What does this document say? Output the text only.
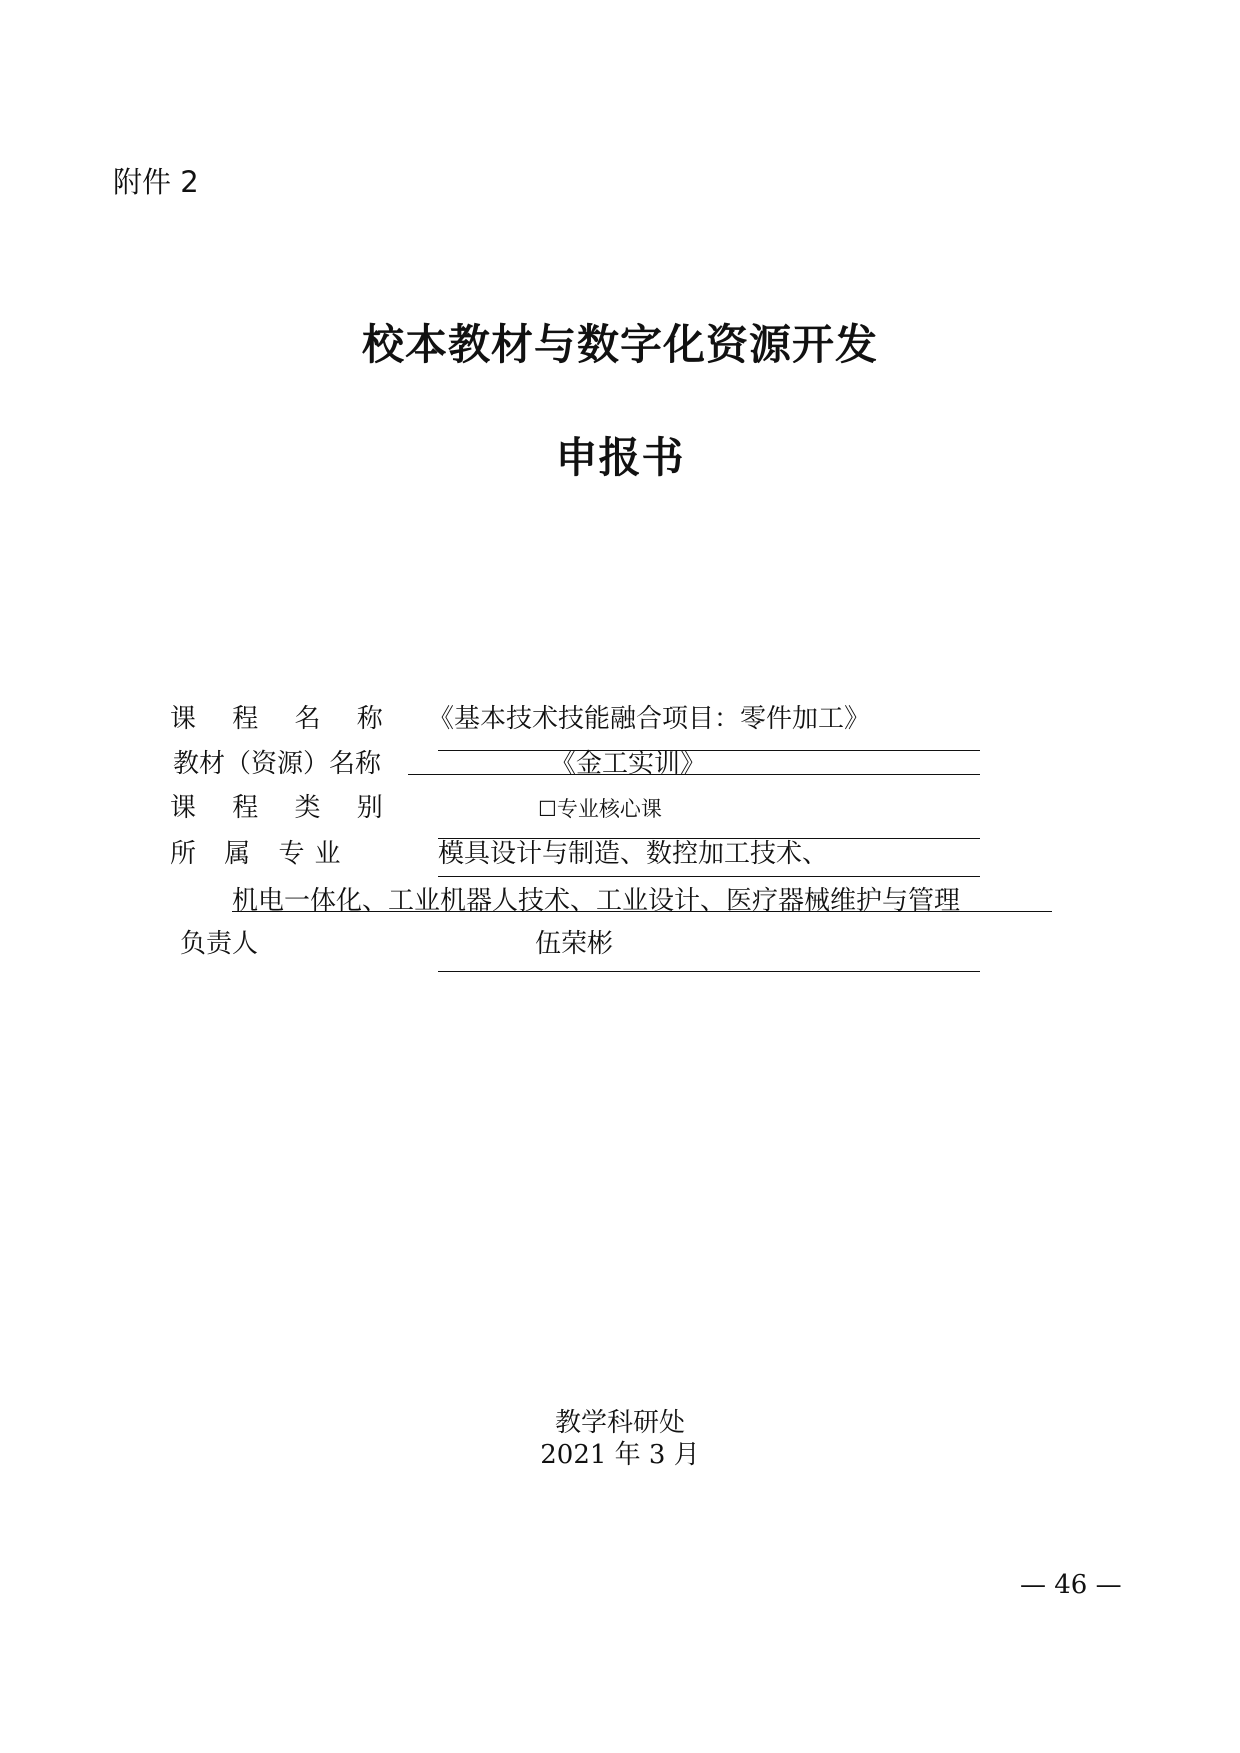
附件 2
校本教材与数字化资源开发
申报书
课 程 名 称 《基本技术技能融合项目：零件加工》
教材（资源）名称	《金工实训》
课 程 类 别	☐专业核心课
所 属 专业	模具设计与制造、数控加工技术、
机电一体化、工业机器人技术、工业设计、医疗器械维护与管理
负责人	伍荣彬
教学科研处
2021 年 3 月
— 46 —
